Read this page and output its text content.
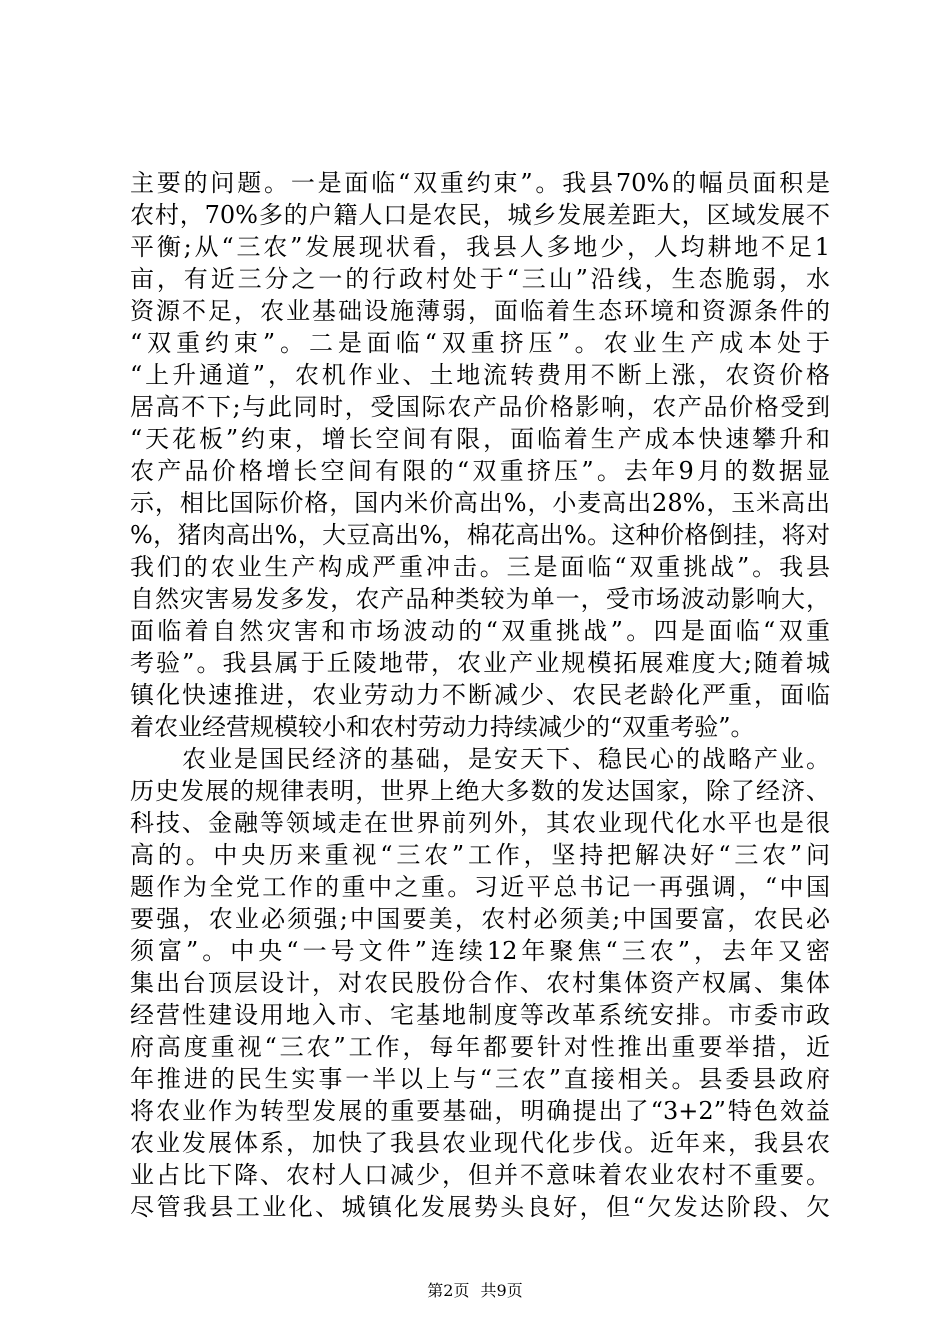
主要的问题。一是面临“双重约束”。我县70%的幅员面积是
农村，70%多的户籍人口是农民，城乡发展差距大，区域发展不
平衡;从“三农”发展现状看，我县人多地少，人均耕地不足1
亩，有近三分之一的行政村处于“三山”沿线，生态脆弱，水
资源不足，农业基础设施薄弱，面临着生态环境和资源条件的
“双重约束”。二是面临“双重挤压”。农业生产成本处于
“上升通道”，农机作业、土地流转费用不断上涨，农资价格
居高不下;与此同时，受国际农产品价格影响，农产品价格受到
“天花板”约束，增长空间有限，面临着生产成本快速攀升和
农产品价格增长空间有限的“双重挤压”。去年9月的数据显
示，相比国际价格，国内米价高出%，小麦高出28%，玉米高出
%，猪肉高出%，大豆高出%，棉花高出%。这种价格倒挂，将对
我们的农业生产构成严重冲击。三是面临“双重挑战”。我县
自然灾害易发多发，农产品种类较为单一，受市场波动影响大，
面临着自然灾害和市场波动的“双重挑战”。四是面临“双重
考验”。我县属于丘陵地带，农业产业规模拓展难度大;随着城
镇化快速推进，农业劳动力不断减少、农民老龄化严重，面临
着农业经营规模较小和农村劳动力持续减少的“双重考验”。
　　农业是国民经济的基础，是安天下、稳民心的战略产业。
历史发展的规律表明，世界上绝大多数的发达国家，除了经济、
科技、金融等领域走在世界前列外，其农业现代化水平也是很
高的。中央历来重视“三农”工作，坚持把解决好“三农”问
题作为全党工作的重中之重。习近平总书记一再强调，“中国
要强，农业必须强;中国要美，农村必须美;中国要富，农民必
须富”。中央“一号文件”连续12年聚焦“三农”，去年又密
集出台顶层设计，对农民股份合作、农村集体资产权属、集体
经营性建设用地入市、宅基地制度等改革系统安排。市委市政
府高度重视“三农”工作，每年都要针对性推出重要举措，近
年推进的民生实事一半以上与“三农”直接相关。县委县政府
将农业作为转型发展的重要基础，明确提出了“3+2”特色效益
农业发展体系，加快了我县农业现代化步伐。近年来，我县农
业占比下降、农村人口减少，但并不意味着农业农村不重要。
尽管我县工业化、城镇化发展势头良好，但“欠发达阶段、欠
第2页 共9页
